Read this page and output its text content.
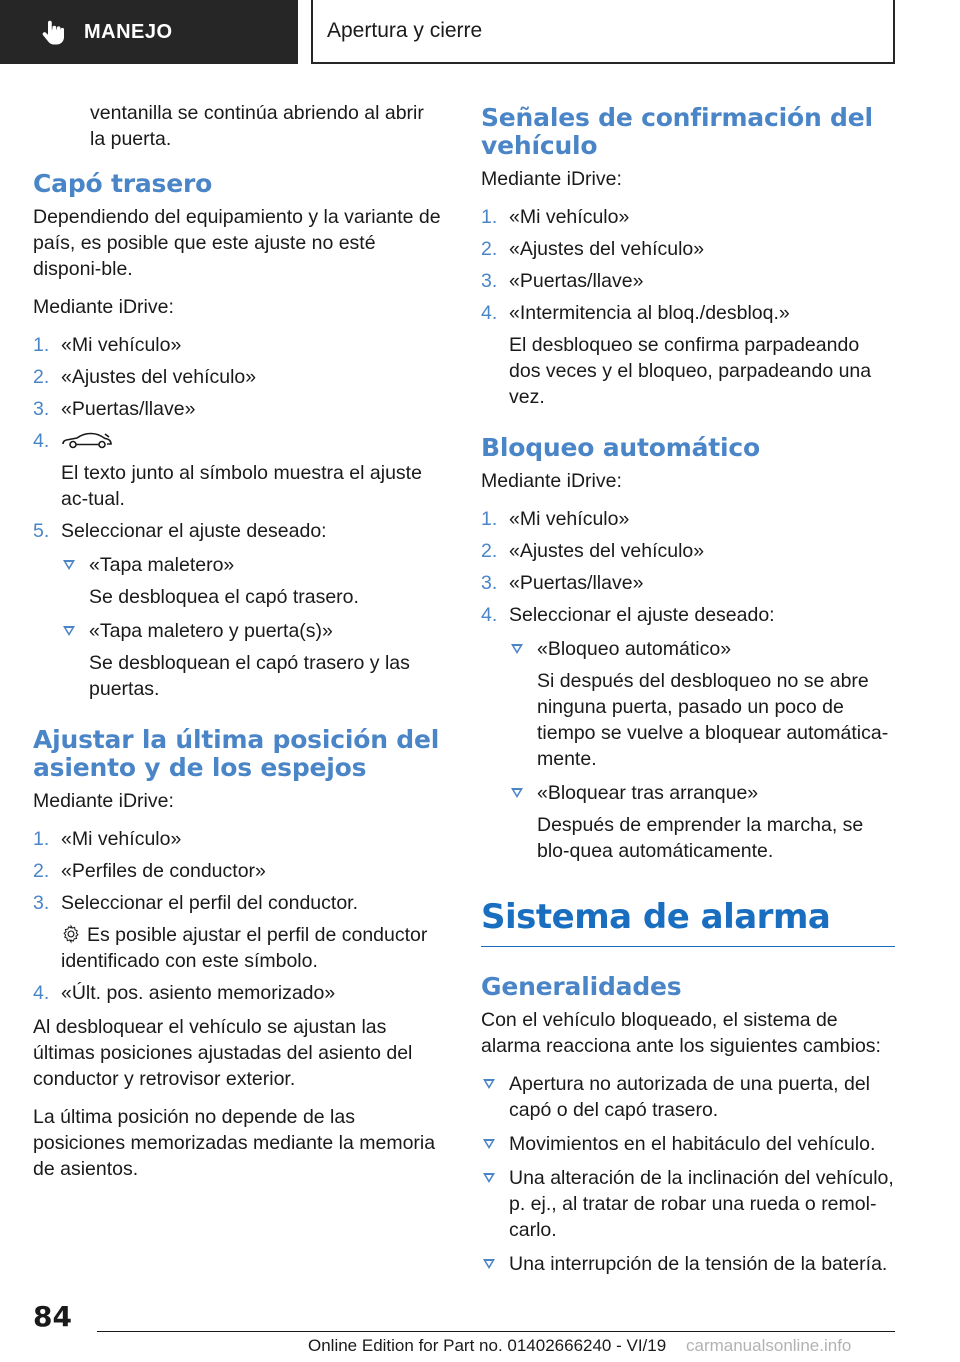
MANEJO	Apertura y cierre

ventanilla se continúa abriendo al abrir la puerta.

Capó trasero

Dependiendo del equipamiento y la variante de país, es posible que este ajuste no esté disponi‐ble.

Mediante iDrive:

1. «Mi vehículo»
2. «Ajustes del vehículo»
3. «Puertas/llave»
4.
El texto junto al símbolo muestra el ajuste ac‐tual.
5. Seleccionar el ajuste deseado:
«Tapa maletero»
Se desbloquea el capó trasero.
«Tapa maletero y puerta(s)»
Se desbloquean el capó trasero y las puertas.
Ajustar la última posición del asiento y de los espejos

Mediante iDrive:

1. «Mi vehículo»
2. «Perfiles de conductor»
3. Seleccionar el perfil del conductor.
Es posible ajustar el perfil de conductor identificado con este símbolo.
4. «Últ. pos. asiento memorizado»

Al desbloquear el vehículo se ajustan las últimas posiciones ajustadas del asiento del conductor y retrovisor exterior.

La última posición no depende de las posiciones memorizadas mediante la memoria de asientos.

Señales de confirmación del vehículo

Mediante iDrive:

1. «Mi vehículo»
2. «Ajustes del vehículo»
3. «Puertas/llave»
4. «Intermitencia al bloq./desbloq.»
El desbloqueo se confirma parpadeando dos veces y el bloqueo, parpadeando una vez.
Bloqueo automático

Mediante iDrive:

1. «Mi vehículo»
2. «Ajustes del vehículo»
3. «Puertas/llave»
4. Seleccionar el ajuste deseado:
«Bloqueo automático»
Si después del desbloqueo no se abre ninguna puerta, pasado un poco de tiempo se vuelve a bloquear automática‐mente.
«Bloquear tras arranque»
Después de emprender la marcha, se blo‐quea automáticamente.
Sistema de alarma
Generalidades

Con el vehículo bloqueado, el sistema de alarma reacciona ante los siguientes cambios:

Apertura no autorizada de una puerta, del capó o del capó trasero.
Movimientos en el habitáculo del vehículo.
Una alteración de la inclinación del vehículo, p. ej., al tratar de robar una rueda o remol‐carlo.
Una interrupción de la tensión de la batería.
84
Online Edition for Part no. 01402666240 - VI/19 carmanualsonline.info
